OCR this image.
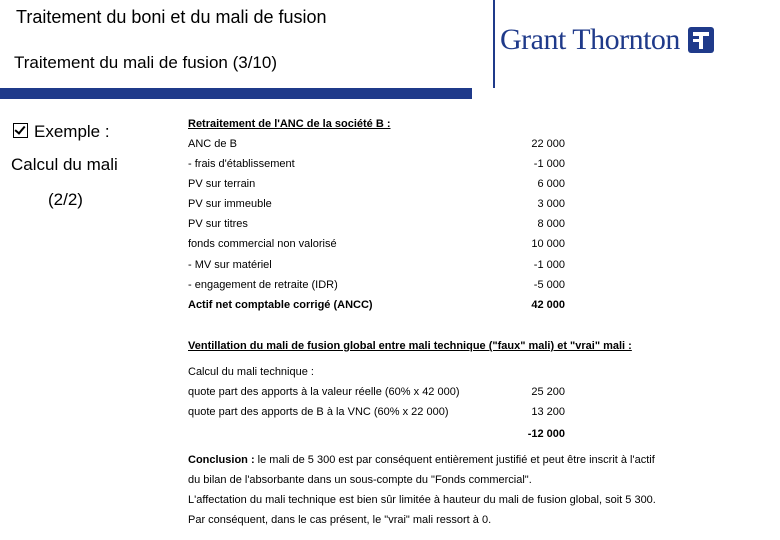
Traitement du boni et du mali de fusion
Traitement du mali de fusion (3/10)
Grant Thornton
Exemple :
Calcul du mali
(2/2)
Retraitement de l'ANC de la société B :
ANC de B	22 000
- frais d'établissement	-1 000
PV sur terrain	6 000
PV sur immeuble	3 000
PV sur titres	8 000
fonds commercial non valorisé	10 000
- MV sur matériel	-1 000
- engagement de retraite (IDR)	-5 000
Actif net comptable corrigé (ANCC)	42 000
Ventillation du mali de fusion global entre mali technique ("faux" mali) et "vrai" mali :
Calcul du mali technique :
quote part des apports à la valeur réelle (60% x 42 000)	25 200
quote part des apports de B à la VNC (60% x 22 000)	13 200
-12 000
Conclusion : le mali de 5 300 est par conséquent entièrement justifié et peut être inscrit à l'actif
du bilan de l'absorbante dans un sous-compte du "Fonds commercial".
L'affectation du mali technique est bien sûr limitée à hauteur du mali de fusion global, soit 5 300.
Par conséquent, dans le cas présent, le "vrai" mali ressort à 0.
